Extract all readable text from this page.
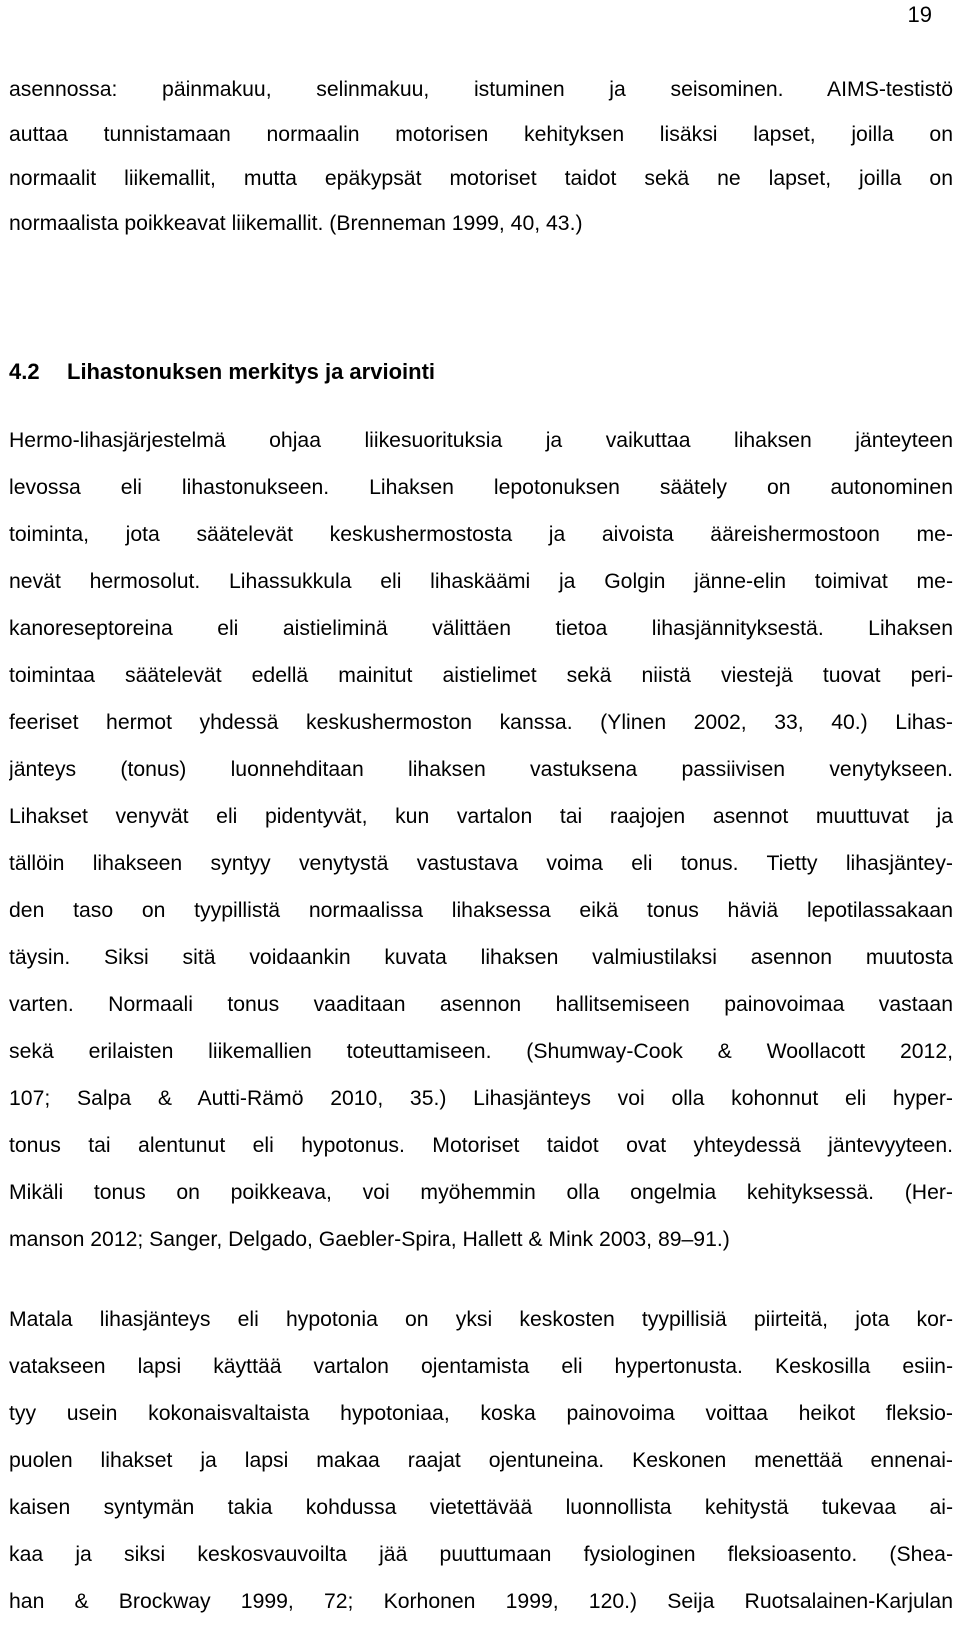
19
asennossa: päinmakuu, selinmakuu, istuminen ja seisominen. AIMS-testistö
auttaa tunnistamaan normaalin motorisen kehityksen lisäksi lapset, joilla on
normaalit liikemallit, mutta epäkypsät motoriset taidot sekä ne lapset, joilla on
normaalista poikkeavat liikemallit. (Brenneman 1999, 40, 43.)
4.2 Lihastonuksen merkitys ja arviointi
Hermo-lihasjärjestelmä ohjaa liikesuorituksia ja vaikuttaa lihaksen jänteyteen
levossa eli lihastonukseen. Lihaksen lepotonuksen säätely on autonominen
toiminta, jota säätelevät keskushermostosta ja aivoista ääreishermostoon me-
nevät hermosolut. Lihassukkula eli lihaskäämi ja Golgin jänne-elin toimivat me-
kanoreseptoreina eli aistieliminä välittäen tietoa lihasjännityksestä. Lihaksen
toimintaa säätelevät edellä mainitut aistielimet sekä niistä viestejä tuovat peri-
feeriset hermot yhdessä keskushermoston kanssa. (Ylinen 2002, 33, 40.) Lihas-
jänteys (tonus) luonnehditaan lihaksen vastuksena passiivisen venytykseen.
Lihakset venyvät eli pidentyvät, kun vartalon tai raajojen asennot muuttuvat ja
tällöin lihakseen syntyy venytystä vastustava voima eli tonus. Tietty lihasjäntey-
den taso on tyypillistä normaalissa lihaksessa eikä tonus häviä lepotilassakaan
täysin. Siksi sitä voidaankin kuvata lihaksen valmiustilaksi asennon muutosta
varten. Normaali tonus vaaditaan asennon hallitsemiseen painovoimaa vastaan
sekä erilaisten liikemallien toteuttamiseen. (Shumway-Cook & Woollacott 2012,
107; Salpa & Autti-Rämö 2010, 35.) Lihasjänteys voi olla kohonnut eli hyper-
tonus tai alentunut eli hypotonus. Motoriset taidot ovat yhteydessä jäntevyyteen.
Mikäli tonus on poikkeava, voi myöhemmin olla ongelmia kehityksessä. (Her-
manson 2012; Sanger, Delgado, Gaebler-Spira, Hallett & Mink 2003, 89–91.)
Matala lihasjänteys eli hypotonia on yksi keskosten tyypillisiä piirteitä, jota kor-
vatakseen lapsi käyttää vartalon ojentamista eli hypertonusta. Keskosilla esiin-
tyy usein kokonaisvaltaista hypotoniaa, koska painovoima voittaa heikot fleksio-
puolen lihakset ja lapsi makaa raajat ojentuneina. Keskonen menettää ennenai-
kaisen syntymän takia kohdussa vietettävää luonnollista kehitystä tukevaa ai-
kaa ja siksi keskosvauvoilta jää puuttumaan fysiologinen fleksioasento. (Shea-
han & Brockway 1999, 72; Korhonen 1999, 120.) Seija Ruotsalainen-Karjulan
